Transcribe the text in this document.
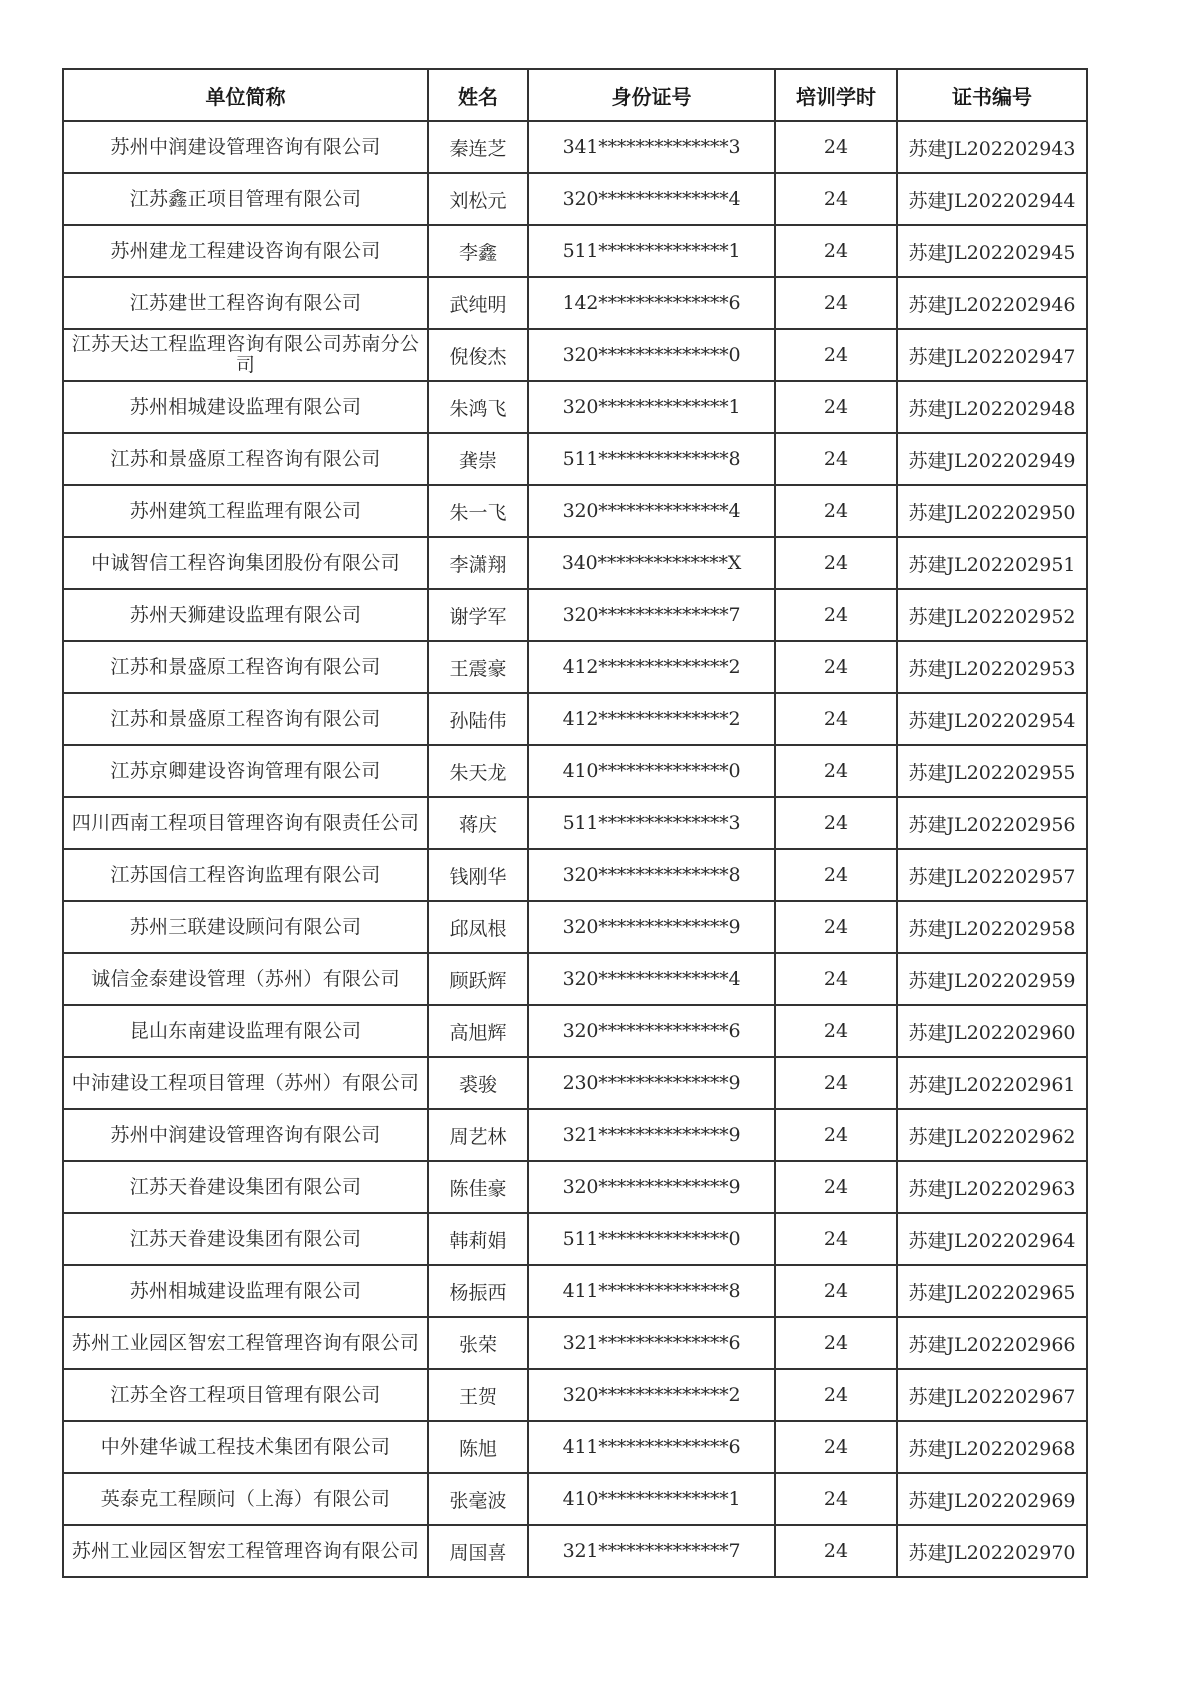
单位简称	姓名	身份证号	培训学时	证书编号
苏州中润建设管理咨询有限公司	秦连芝	341**************3	24	苏建JL202202943
江苏鑫正项目管理有限公司	刘松元	320**************4	24	苏建JL202202944
苏州建龙工程建设咨询有限公司	李鑫	511**************1	24	苏建JL202202945
江苏建世工程咨询有限公司	武纯明	142**************6	24	苏建JL202202946
江苏天达工程监理咨询有限公司苏南分公司	倪俊杰	320**************0	24	苏建JL202202947
苏州相城建设监理有限公司	朱鸿飞	320**************1	24	苏建JL202202948
江苏和景盛原工程咨询有限公司	龚崇	511**************8	24	苏建JL202202949
苏州建筑工程监理有限公司	朱一飞	320**************4	24	苏建JL202202950
中诚智信工程咨询集团股份有限公司	李潇翔	340**************X	24	苏建JL202202951
苏州天狮建设监理有限公司	谢学军	320**************7	24	苏建JL202202952
江苏和景盛原工程咨询有限公司	王震豪	412**************2	24	苏建JL202202953
江苏和景盛原工程咨询有限公司	孙陆伟	412**************2	24	苏建JL202202954
江苏京卿建设咨询管理有限公司	朱天龙	410**************0	24	苏建JL202202955
四川西南工程项目管理咨询有限责任公司	蒋庆	511**************3	24	苏建JL202202956
江苏国信工程咨询监理有限公司	钱刚华	320**************8	24	苏建JL202202957
苏州三联建设顾问有限公司	邱凤根	320**************9	24	苏建JL202202958
诚信金泰建设管理（苏州）有限公司	顾跃辉	320**************4	24	苏建JL202202959
昆山东南建设监理有限公司	高旭辉	320**************6	24	苏建JL202202960
中沛建设工程项目管理（苏州）有限公司	裘骏	230**************9	24	苏建JL202202961
苏州中润建设管理咨询有限公司	周艺林	321**************9	24	苏建JL202202962
江苏天眷建设集团有限公司	陈佳豪	320**************9	24	苏建JL202202963
江苏天眷建设集团有限公司	韩莉娟	511**************0	24	苏建JL202202964
苏州相城建设监理有限公司	杨振西	411**************8	24	苏建JL202202965
苏州工业园区智宏工程管理咨询有限公司	张荣	321**************6	24	苏建JL202202966
江苏全咨工程项目管理有限公司	王贺	320**************2	24	苏建JL202202967
中外建华诚工程技术集团有限公司	陈旭	411**************6	24	苏建JL202202968
英泰克工程顾问（上海）有限公司	张毫波	410**************1	24	苏建JL202202969
苏州工业园区智宏工程管理咨询有限公司	周国喜	321**************7	24	苏建JL202202970
